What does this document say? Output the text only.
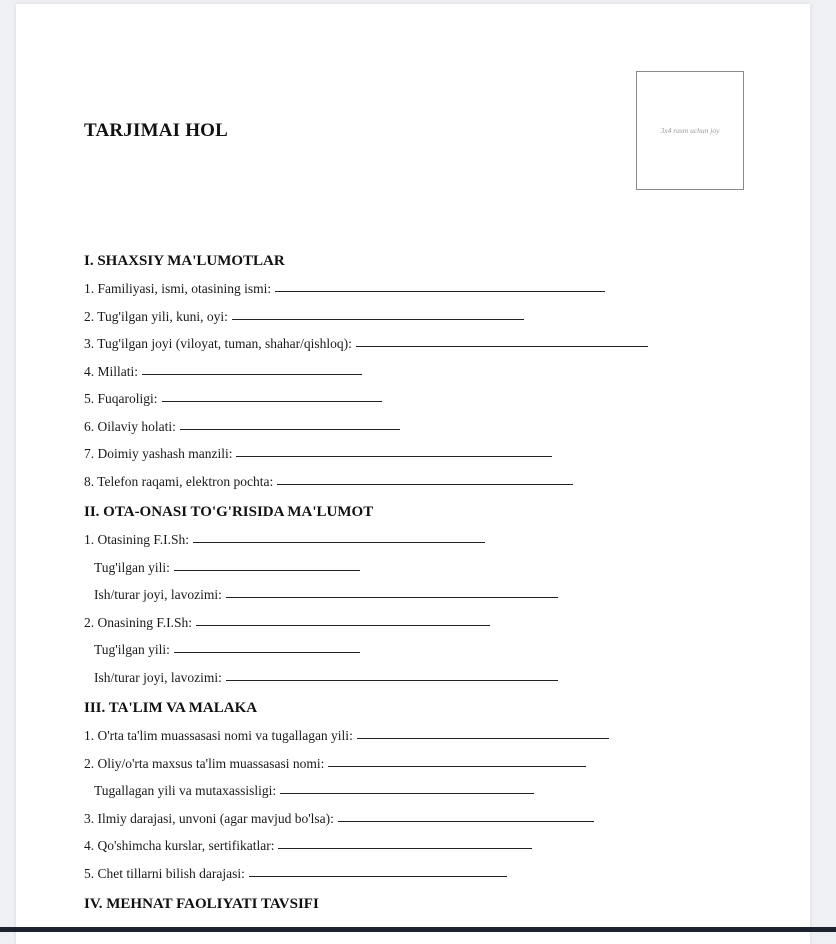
TARJIMAI HOL	3x4 rasm uchun joy
I. SHAXSIY MA'LUMOTLAR
1. Familiyasi, ismi, otasining ismi:
2. Tug'ilgan yili, kuni, oyi:
3. Tug'ilgan joyi (viloyat, tuman, shahar/qishloq):
4. Millati:
5. Fuqaroligi:
6. Oilaviy holati:
7. Doimiy yashash manzili:
8. Telefon raqami, elektron pochta:
II. OTA-ONASI TO'G'RISIDA MA'LUMOT
1. Otasining F.I.Sh:
Tug'ilgan yili:
Ish/turar joyi, lavozimi:
2. Onasining F.I.Sh:
Tug'ilgan yili:
Ish/turar joyi, lavozimi:
III. TA'LIM VA MALAKA
1. O'rta ta'lim muassasasi nomi va tugallagan yili:
2. Oliy/o'rta maxsus ta'lim muassasasi nomi:
Tugallagan yili va mutaxassisligi:
3. Ilmiy darajasi, unvoni (agar mavjud bo'lsa):
4. Qo'shimcha kurslar, sertifikatlar:
5. Chet tillarni bilish darajasi:
IV. MEHNAT FAOLIYATI TAVSIFI
